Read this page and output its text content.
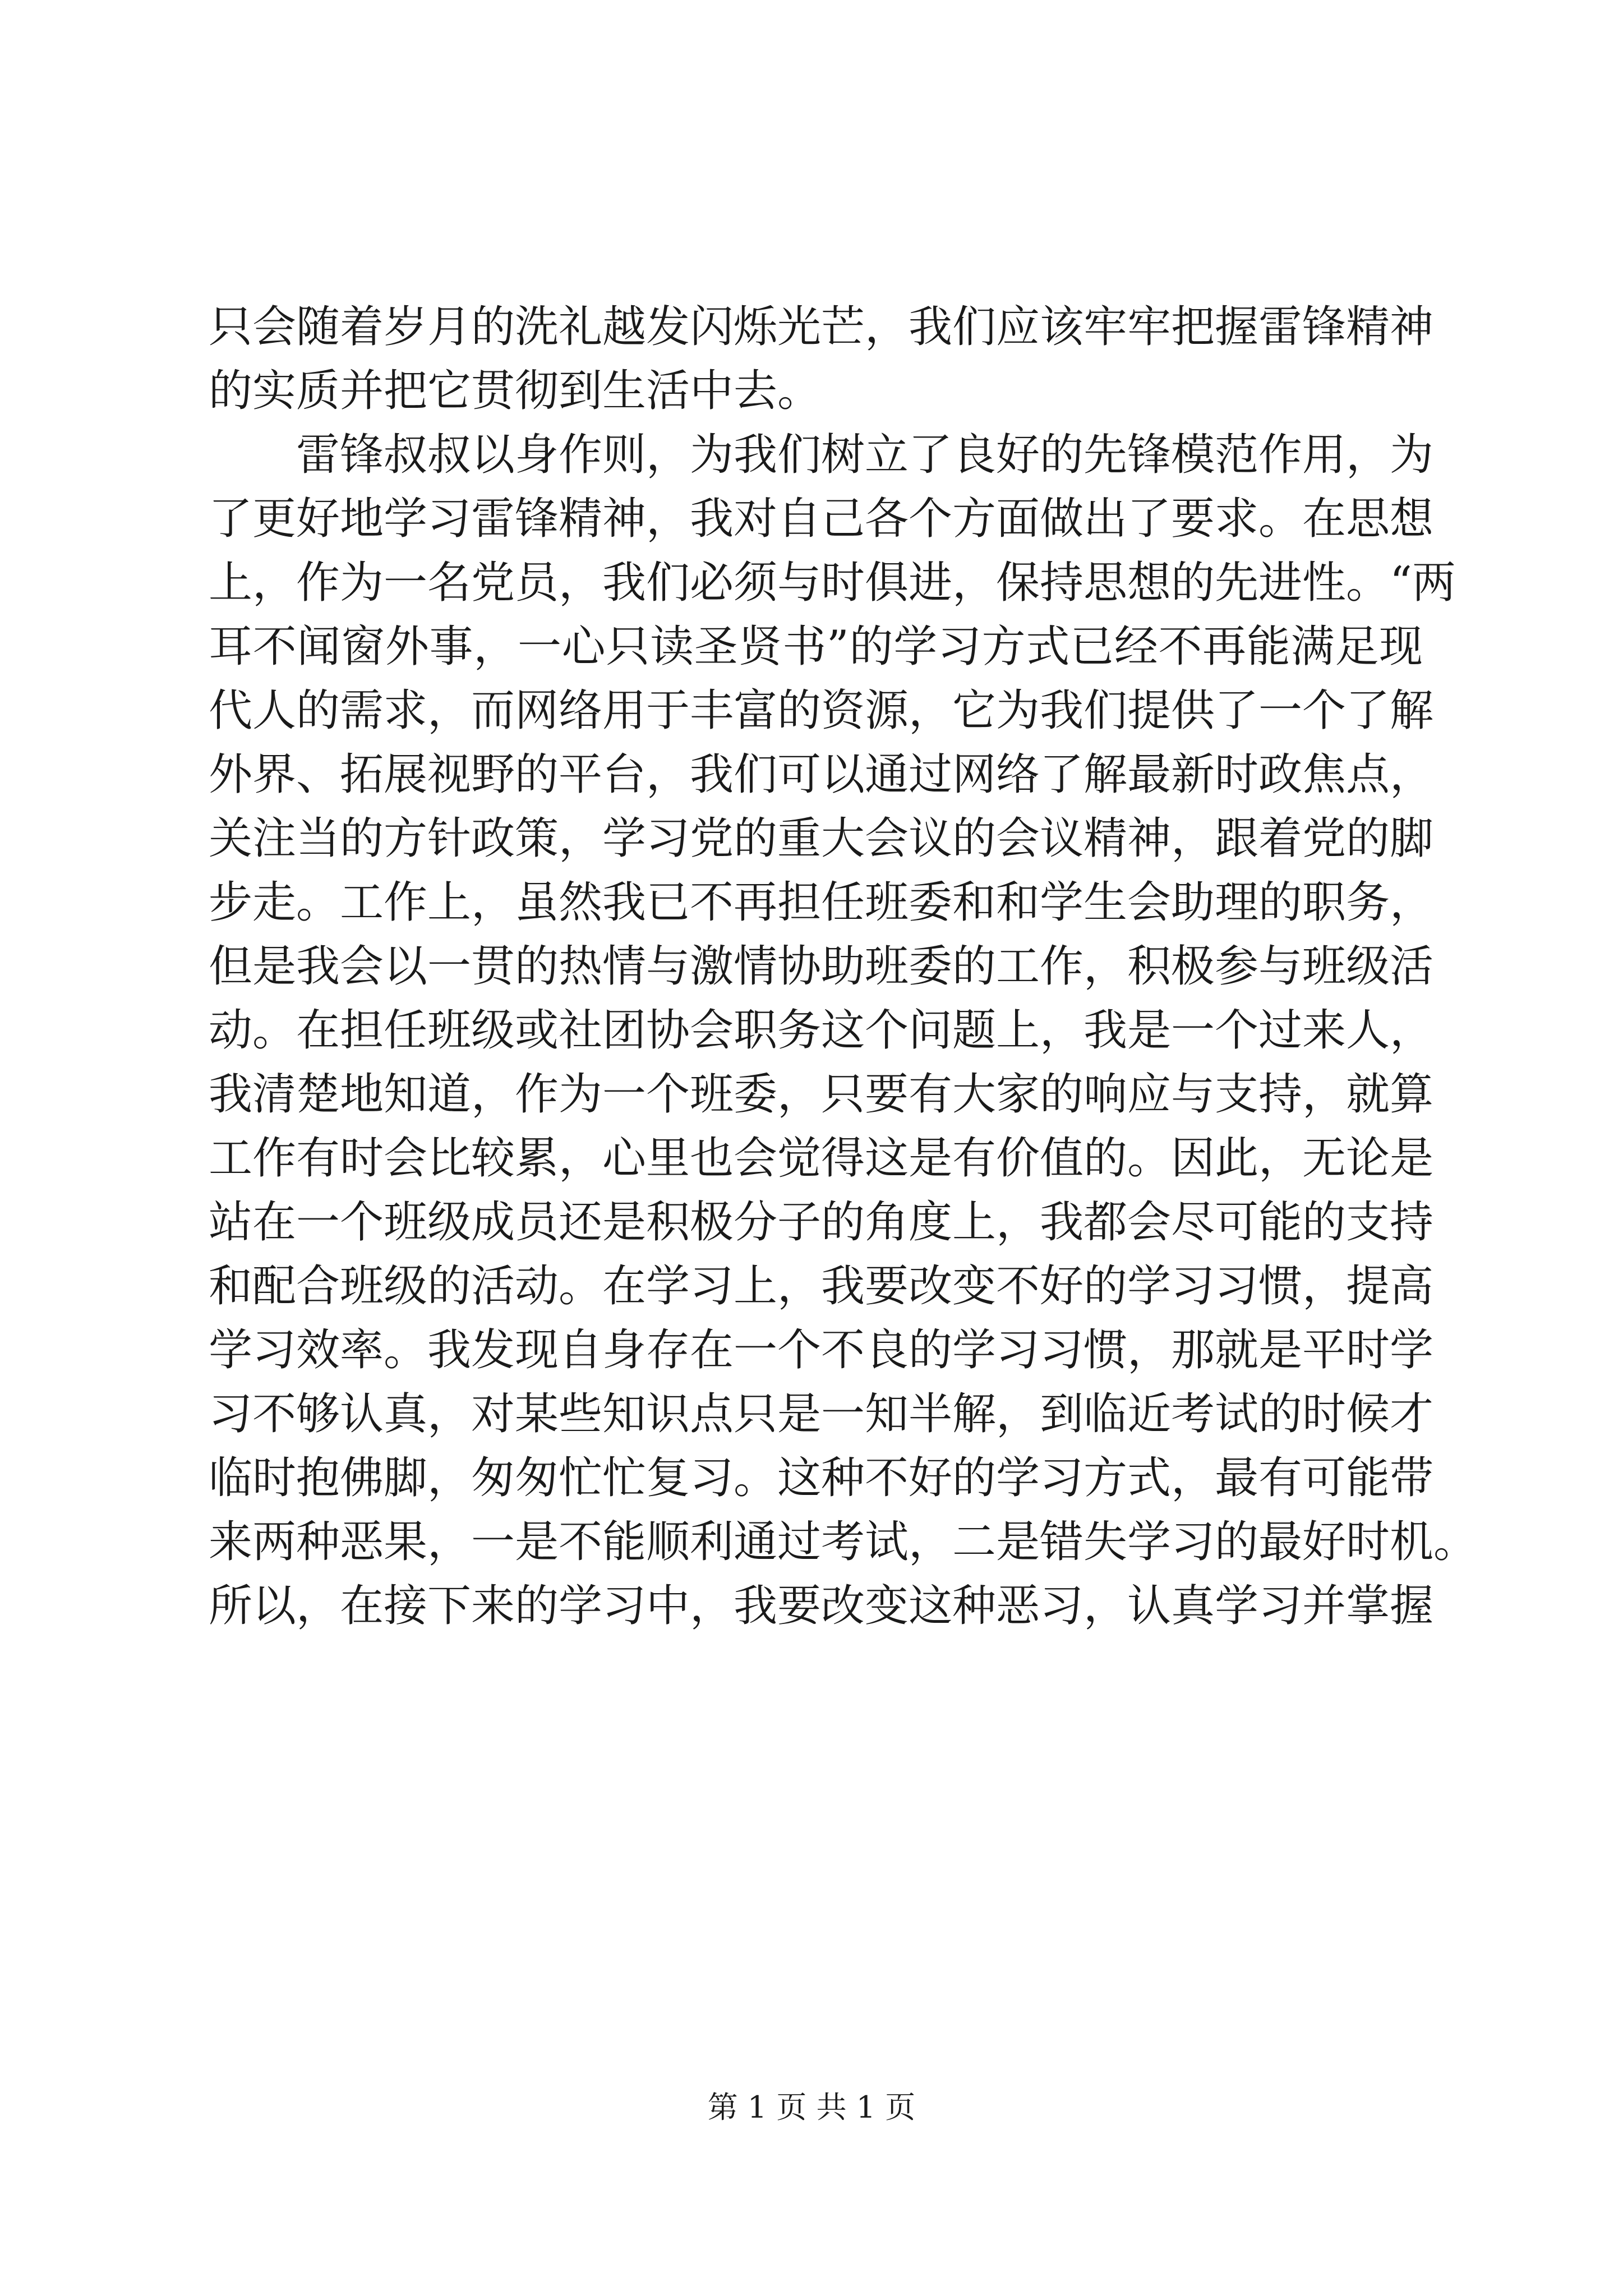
只会随着岁月的洗礼越发闪烁光芒，我们应该牢牢把握雷锋精神
的实质并把它贯彻到生活中去。
雷锋叔叔以身作则，为我们树立了良好的先锋模范作用，为
了更好地学习雷锋精神，我对自己各个方面做出了要求。在思想
上，作为一名党员，我们必须与时俱进，保持思想的先进性。“两
耳不闻窗外事，一心只读圣贤书”的学习方式已经不再能满足现
代人的需求，而网络用于丰富的资源，它为我们提供了一个了解
外界、拓展视野的平台，我们可以通过网络了解最新时政焦点，
关注当的方针政策，学习党的重大会议的会议精神，跟着党的脚
步走。工作上，虽然我已不再担任班委和和学生会助理的职务，
但是我会以一贯的热情与激情协助班委的工作，积极参与班级活
动。在担任班级或社团协会职务这个问题上，我是一个过来人，
我清楚地知道，作为一个班委，只要有大家的响应与支持，就算
工作有时会比较累，心里也会觉得这是有价值的。因此，无论是
站在一个班级成员还是积极分子的角度上，我都会尽可能的支持
和配合班级的活动。在学习上，我要改变不好的学习习惯，提高
学习效率。我发现自身存在一个不良的学习习惯，那就是平时学
习不够认真，对某些知识点只是一知半解，到临近考试的时候才
临时抱佛脚，匆匆忙忙复习。这种不好的学习方式，最有可能带
来两种恶果，一是不能顺利通过考试，二是错失学习的最好时机。
所以，在接下来的学习中，我要改变这种恶习，认真学习并掌握
第 1 页 共 1 页
